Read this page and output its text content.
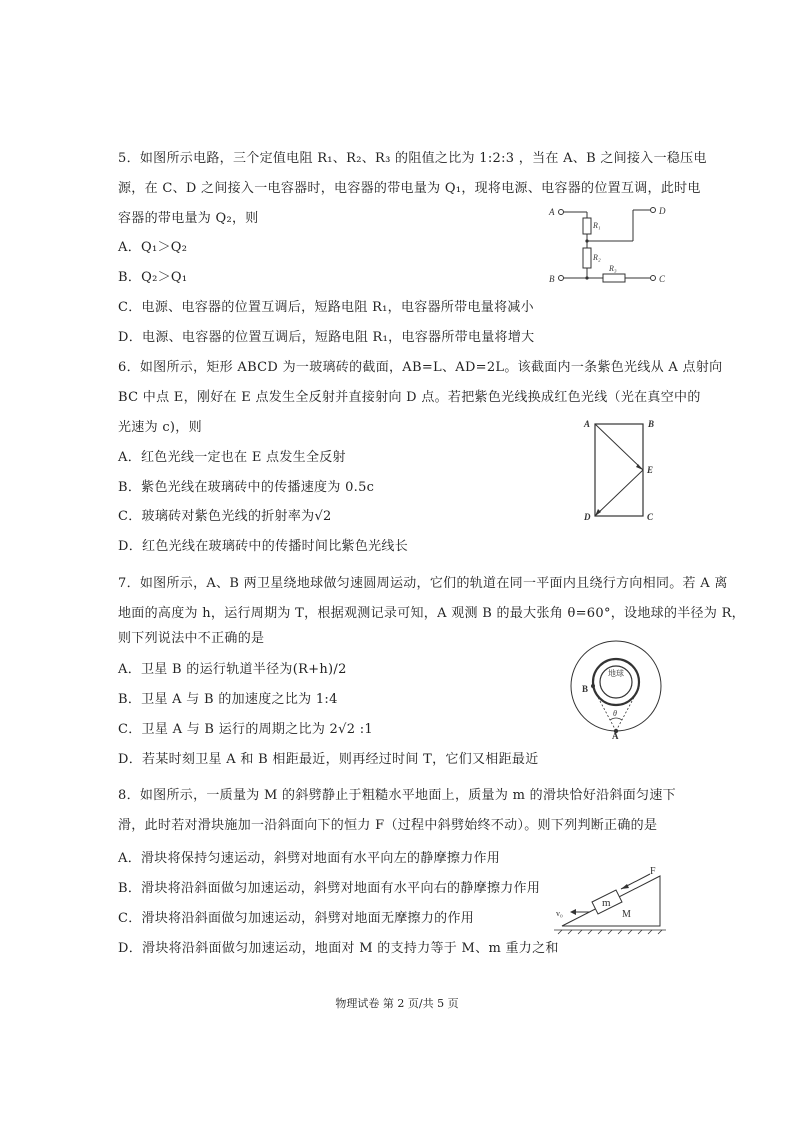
5．如图所示电路，三个定值电阻 R₁、R₂、R₃ 的阻值之比为 1:2:3 ，当在 A、B 之间接入一稳压电
源，在 C、D 之间接入一电容器时，电容器的带电量为 Q₁，现将电源、电容器的位置互调，此时电
容器的带电量为 Q₂，则
A．Q₁＞Q₂
B．Q₂＞Q₁
C．电源、电容器的位置互调后，短路电阻 R₁，电容器所带电量将减小
D．电源、电容器的位置互调后，短路电阻 R₁，电容器所带电量将增大
A	D
B	C
R₁
R₂
R₃
6．如图所示，矩形 ABCD 为一玻璃砖的截面，AB=L、AD=2L。该截面内一条紫色光线从 A 点射向
BC 中点 E，刚好在 E 点发生全反射并直接射向 D 点。若把紫色光线换成红色光线（光在真空中的
光速为 c)，则
A．红色光线一定也在 E 点发生全反射
B．紫色光线在玻璃砖中的传播速度为 0.5c
C．玻璃砖对紫色光线的折射率为√2
D．红色光线在玻璃砖中的传播时间比紫色光线长
A	B
E
D	C
7．如图所示，A、B 两卫星绕地球做匀速圆周运动，它们的轨道在同一平面内且绕行方向相同。若 A 离
地面的高度为 h，运行周期为 T，根据观测记录可知，A 观测 B 的最大张角 θ=60°，设地球的半径为 R，
则下列说法中不正确的是
A．卫星 B 的运行轨道半径为(R+h)/2
B．卫星 A 与 B 的加速度之比为 1:4
C．卫星 A 与 B 运行的周期之比为 2√2 :1
D．若某时刻卫星 A 和 B 相距最近，则再经过时间 T，它们又相距最近
地球
B
A
θ
8．如图所示，一质量为 M 的斜劈静止于粗糙水平地面上，质量为 m 的滑块恰好沿斜面匀速下
滑，此时若对滑块施加一沿斜面向下的恒力 F（过程中斜劈始终不动）。则下列判断正确的是
A．滑块将保持匀速运动，斜劈对地面有水平向左的静摩擦力作用
B．滑块将沿斜面做匀加速运动，斜劈对地面有水平向右的静摩擦力作用
C．滑块将沿斜面做匀加速运动，斜劈对地面无摩擦力的作用
D．滑块将沿斜面做匀加速运动，地面对 M 的支持力等于 M、m 重力之和
F
m
M
v₀
物理试卷 第 2 页/共 5 页
